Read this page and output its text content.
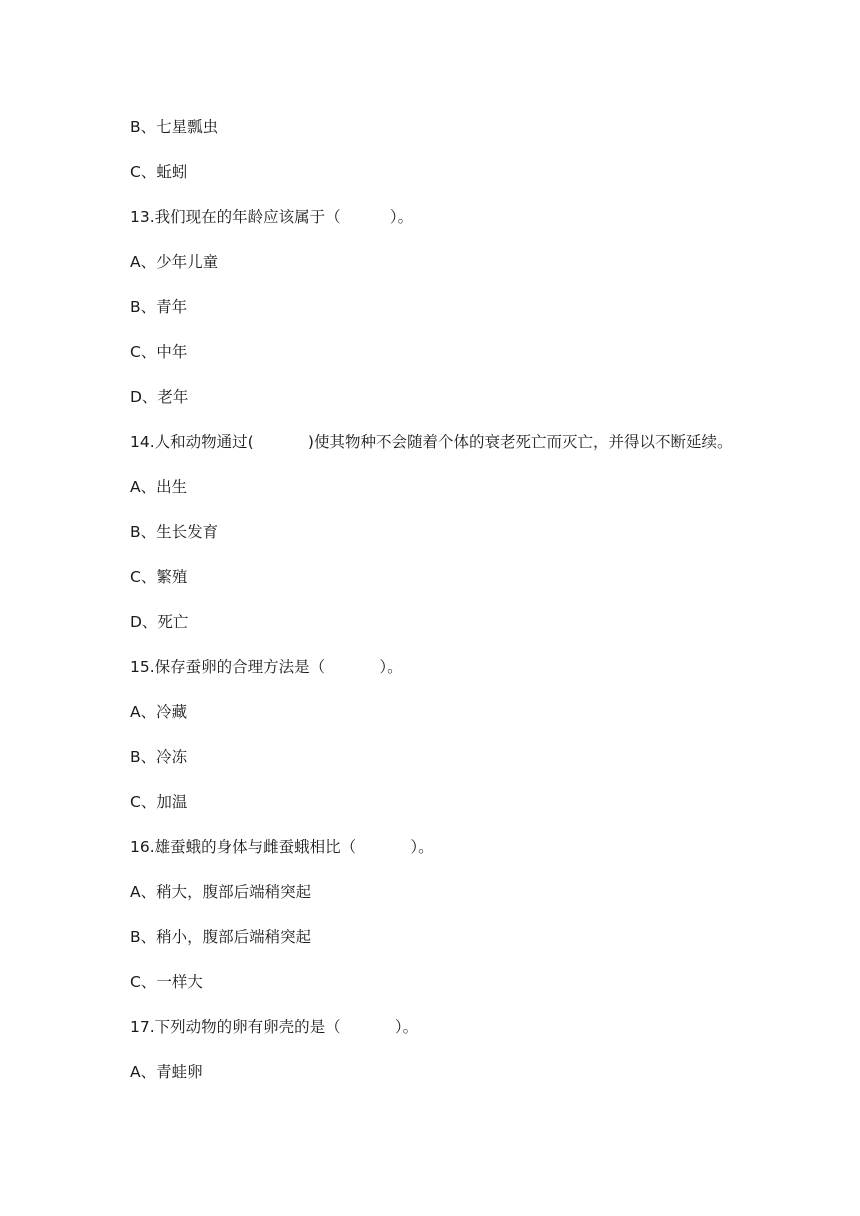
B、七星瓢虫
C、蚯蚓
13.我们现在的年龄应该属于（          ）。
A、少年儿童
B、青年
C、中年
D、老年
14.人和动物通过(           )使其物种不会随着个体的衰老死亡而灭亡，并得以不断延续。
A、出生
B、生长发育
C、繁殖
D、死亡
15.保存蚕卵的合理方法是（           ）。
A、冷藏
B、冷冻
C、加温
16.雄蚕蛾的身体与雌蚕蛾相比（           ）。
A、稍大，腹部后端稍突起
B、稍小，腹部后端稍突起
C、一样大
17.下列动物的卵有卵壳的是（           ）。
A、青蛙卵
